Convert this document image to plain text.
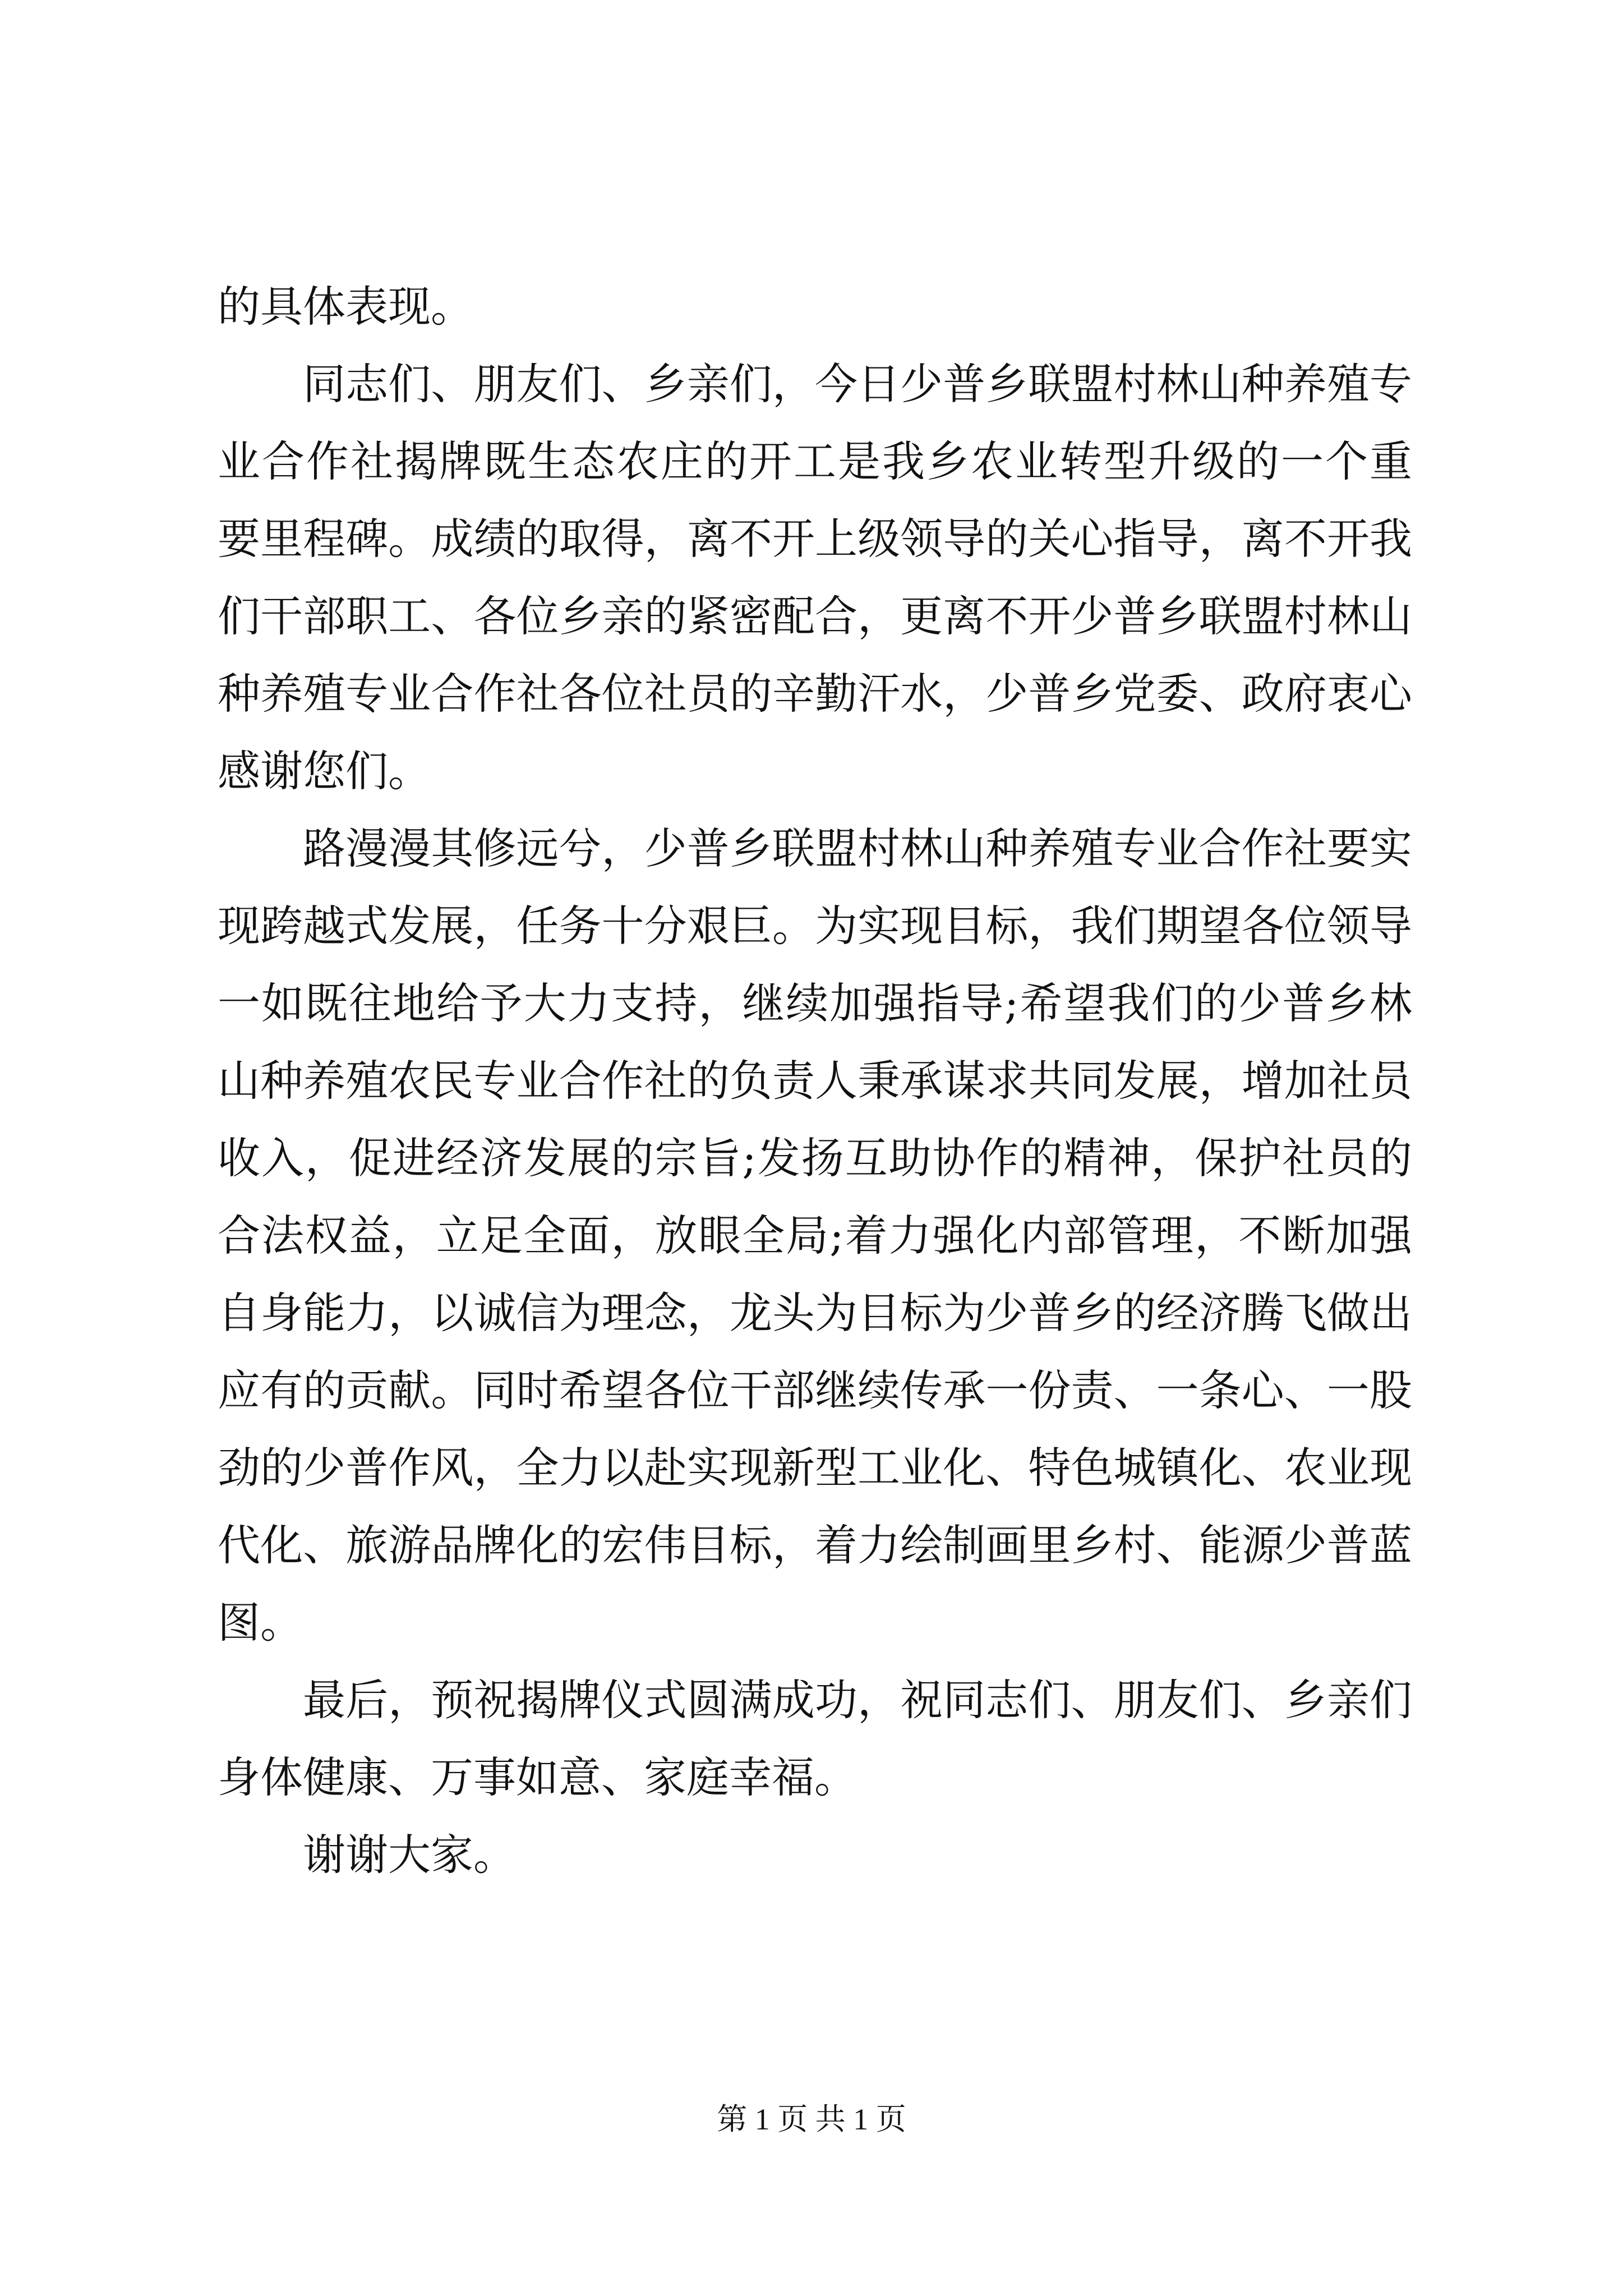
的具体表现。
同志们、朋友们、乡亲们，今日少普乡联盟村林山种养殖专
业合作社揭牌既生态农庄的开工是我乡农业转型升级的一个重
要里程碑。成绩的取得，离不开上级领导的关心指导，离不开我
们干部职工、各位乡亲的紧密配合，更离不开少普乡联盟村林山
种养殖专业合作社各位社员的辛勤汗水，少普乡党委、政府衷心
感谢您们。
路漫漫其修远兮，少普乡联盟村林山种养殖专业合作社要实
现跨越式发展，任务十分艰巨。为实现目标，我们期望各位领导
一如既往地给予大力支持，继续加强指导;希望我们的少普乡林
山种养殖农民专业合作社的负责人秉承谋求共同发展，增加社员
收入，促进经济发展的宗旨;发扬互助协作的精神，保护社员的
合法权益，立足全面，放眼全局;着力强化内部管理，不断加强
自身能力，以诚信为理念，龙头为目标为少普乡的经济腾飞做出
应有的贡献。同时希望各位干部继续传承一份责、一条心、一股
劲的少普作风，全力以赴实现新型工业化、特色城镇化、农业现
代化、旅游品牌化的宏伟目标，着力绘制画里乡村、能源少普蓝
图。
最后，预祝揭牌仪式圆满成功，祝同志们、朋友们、乡亲们
身体健康、万事如意、家庭幸福。
谢谢大家。
第 1 页 共 1 页
